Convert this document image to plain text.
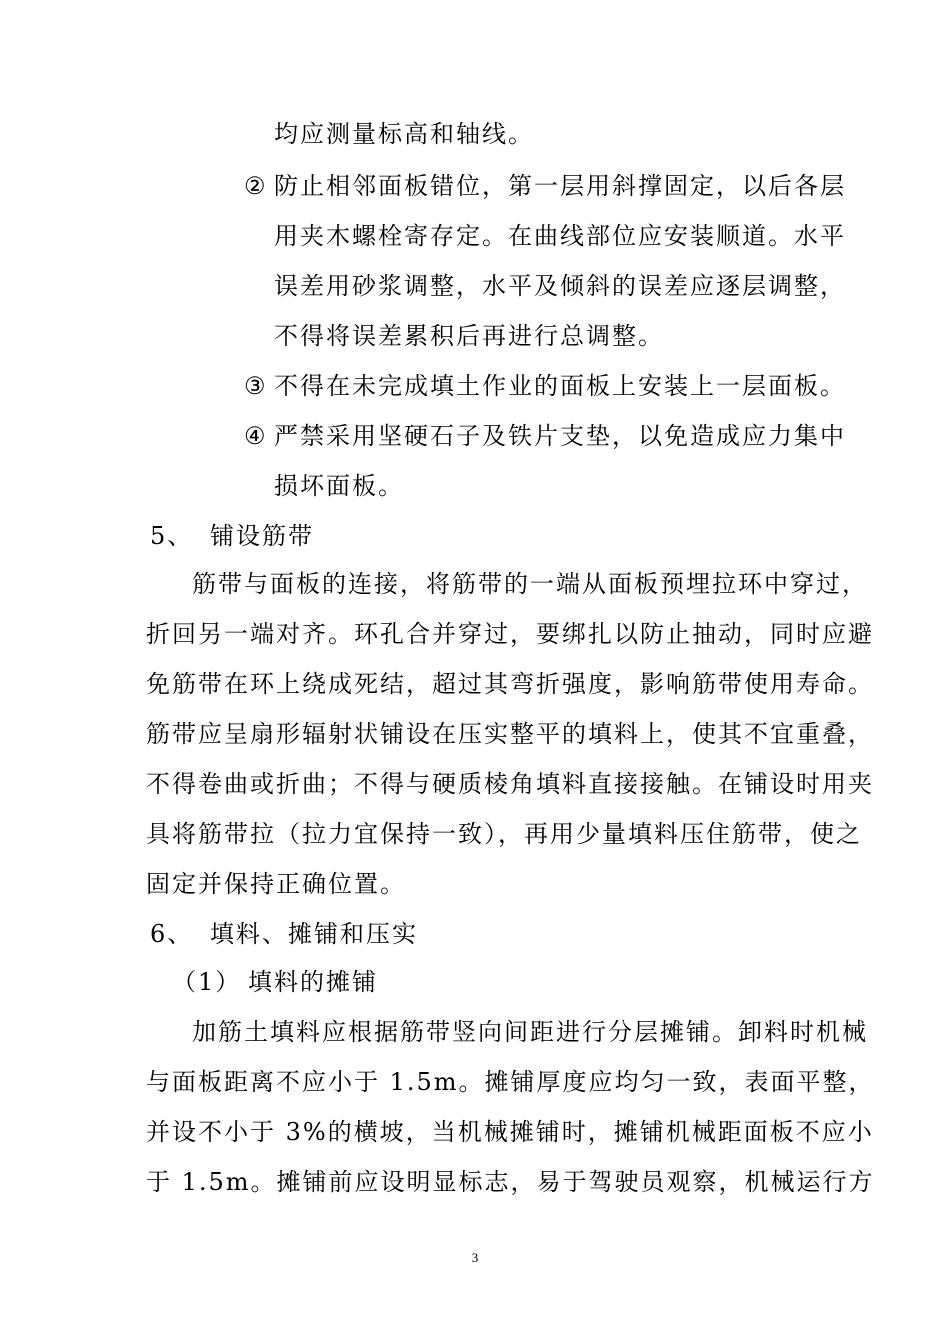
均应测量标高和轴线。
② 防止相邻面板错位，第一层用斜撑固定，以后各层
用夹木螺栓寄存定。在曲线部位应安装顺道。水平
误差用砂浆调整，水平及倾斜的误差应逐层调整，
不得将误差累积后再进行总调整。
③ 不得在未完成填土作业的面板上安装上一层面板。
④ 严禁采用坚硬石子及铁片支垫，以免造成应力集中
损坏面板。
5、 铺设筋带
筋带与面板的连接，将筋带的一端从面板预埋拉环中穿过，
折回另一端对齐。环孔合并穿过，要绑扎以防止抽动，同时应避
免筋带在环上绕成死结，超过其弯折强度，影响筋带使用寿命。
筋带应呈扇形辐射状铺设在压实整平的填料上，使其不宜重叠，
不得卷曲或折曲；不得与硬质棱角填料直接接触。在铺设时用夹
具将筋带拉（拉力宜保持一致），再用少量填料压住筋带，使之
固定并保持正确位置。
6、 填料、摊铺和压实
（1） 填料的摊铺
加筋土填料应根据筋带竖向间距进行分层摊铺。卸料时机械
与面板距离不应小于 1.5m。摊铺厚度应均匀一致，表面平整，
并设不小于 3%的横坡，当机械摊铺时，摊铺机械距面板不应小
于 1.5m。摊铺前应设明显标志，易于驾驶员观察，机械运行方
3
